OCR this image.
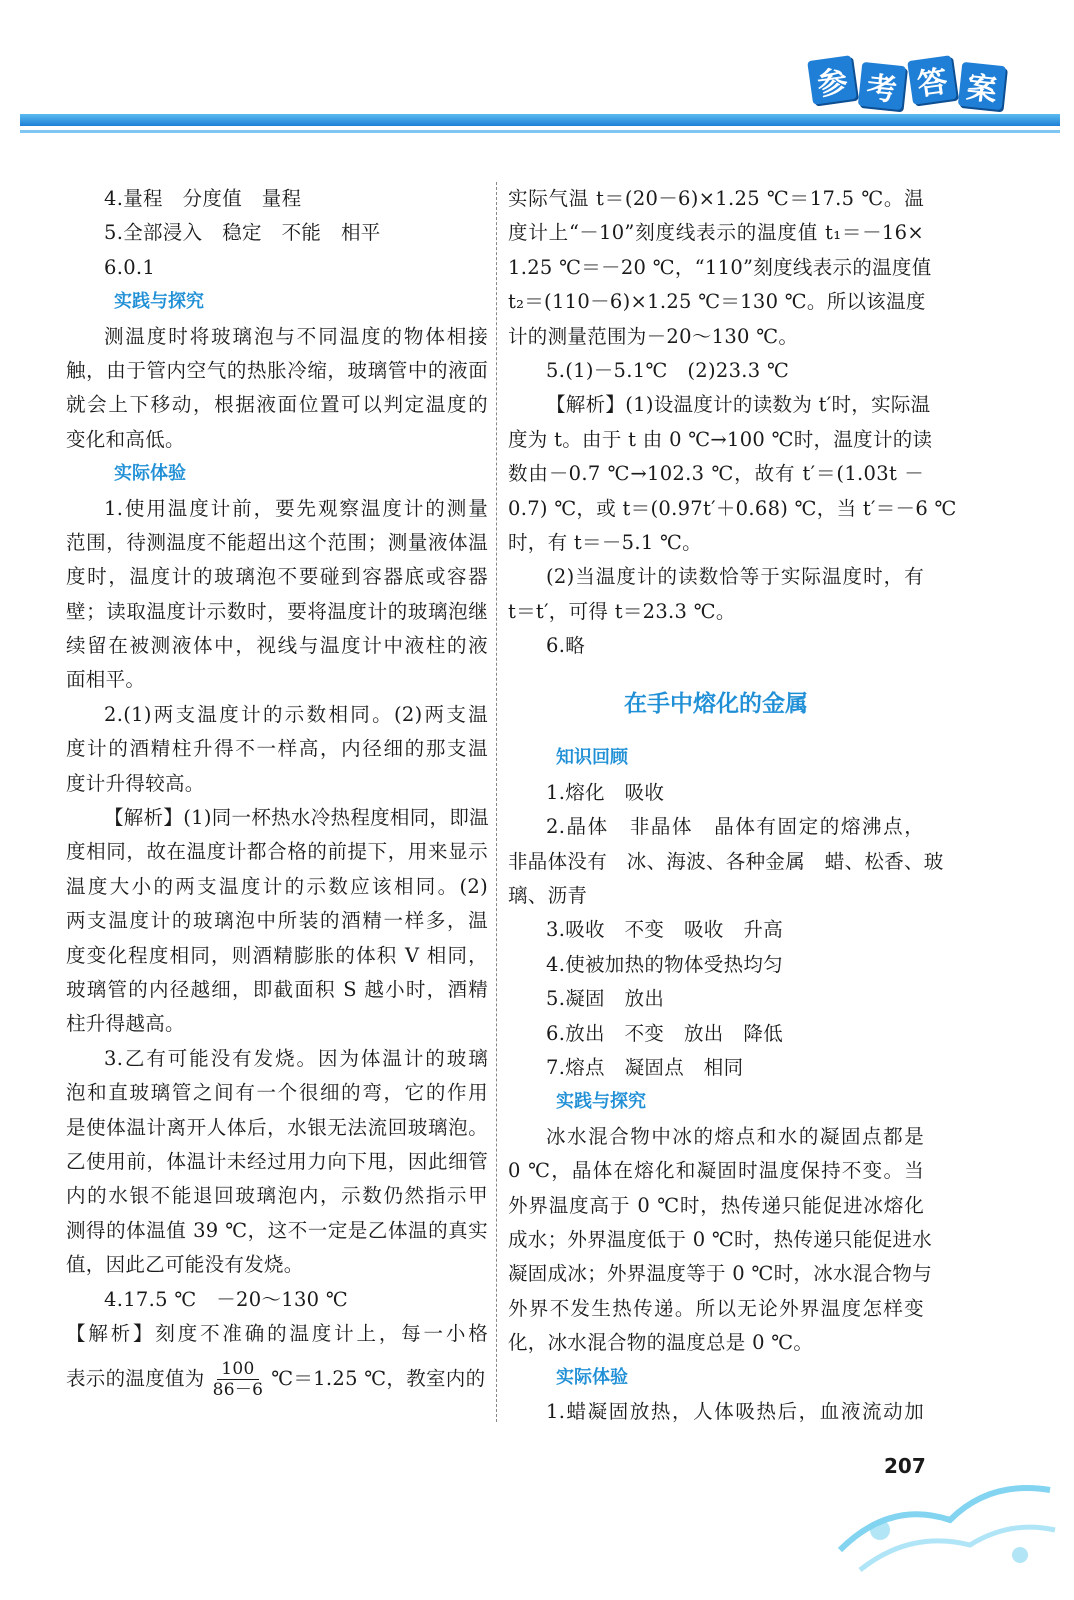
参 考 答 案
4.量程　分度值　量程
5.全部浸入　稳定　不能　相平
6.0.1
实践与探究
测温度时将玻璃泡与不同温度的物体相接
触，由于管内空气的热胀冷缩，玻璃管中的液面
就会上下移动，根据液面位置可以判定温度的
变化和高低。
实际体验
1.使用温度计前，要先观察温度计的测量
范围，待测温度不能超出这个范围；测量液体温
度时，温度计的玻璃泡不要碰到容器底或容器
壁；读取温度计示数时，要将温度计的玻璃泡继
续留在被测液体中，视线与温度计中液柱的液
面相平。
2.(1)两支温度计的示数相同。(2)两支温
度计的酒精柱升得不一样高，内径细的那支温
度计升得较高。
【解析】(1)同一杯热水冷热程度相同，即温
度相同，故在温度计都合格的前提下，用来显示
温度大小的两支温度计的示数应该相同。(2)
两支温度计的玻璃泡中所装的酒精一样多，温
度变化程度相同，则酒精膨胀的体积 V 相同，
玻璃管的内径越细，即截面积 S 越小时，酒精
柱升得越高。
3.乙有可能没有发烧。因为体温计的玻璃
泡和直玻璃管之间有一个很细的弯，它的作用
是使体温计离开人体后，水银无法流回玻璃泡。
乙使用前，体温计未经过用力向下甩，因此细管
内的水银不能退回玻璃泡内，示数仍然指示甲
测得的体温值 39 ℃，这不一定是乙体温的真实
值，因此乙可能没有发烧。
4.17.5 ℃　－20～130 ℃
【解析】刻度不准确的温度计上，每一小格
表示的温度值为 $\frac{100}{86-6}$ ℃＝1.25 ℃，教室内的
实际气温 t＝(20－6)×1.25 ℃＝17.5 ℃。温
度计上“－10”刻度线表示的温度值 t₁＝－16×
1.25 ℃＝－20 ℃，“110”刻度线表示的温度值
t₂＝(110－6)×1.25 ℃＝130 ℃。所以该温度
计的测量范围为－20～130 ℃。
5.(1)－5.1℃　(2)23.3 ℃
【解析】(1)设温度计的读数为 t′时，实际温
度为 t。由于 t 由 0 ℃→100 ℃时，温度计的读
数由－0.7 ℃→102.3 ℃，故有 t′＝(1.03t －
0.7) ℃，或 t＝(0.97t′＋0.68) ℃，当 t′＝－6 ℃
时，有 t＝－5.1 ℃。
(2)当温度计的读数恰等于实际温度时，有
t＝t′，可得 t＝23.3 ℃。
6.略
在手中熔化的金属
知识回顾
1.熔化　吸收
2.晶体　非晶体　晶体有固定的熔沸点，
非晶体没有　冰、海波、各种金属　蜡、松香、玻
璃、沥青
3.吸收　不变　吸收　升高
4.使被加热的物体受热均匀
5.凝固　放出
6.放出　不变　放出　降低
7.熔点　凝固点　相同
实践与探究
冰水混合物中冰的熔点和水的凝固点都是
0 ℃，晶体在熔化和凝固时温度保持不变。当
外界温度高于 0 ℃时，热传递只能促进冰熔化
成水；外界温度低于 0 ℃时，热传递只能促进水
凝固成冰；外界温度等于 0 ℃时，冰水混合物与
外界不发生热传递。所以无论外界温度怎样变
化，冰水混合物的温度总是 0 ℃。
实际体验
1.蜡凝固放热，人体吸热后，血液流动加
207
